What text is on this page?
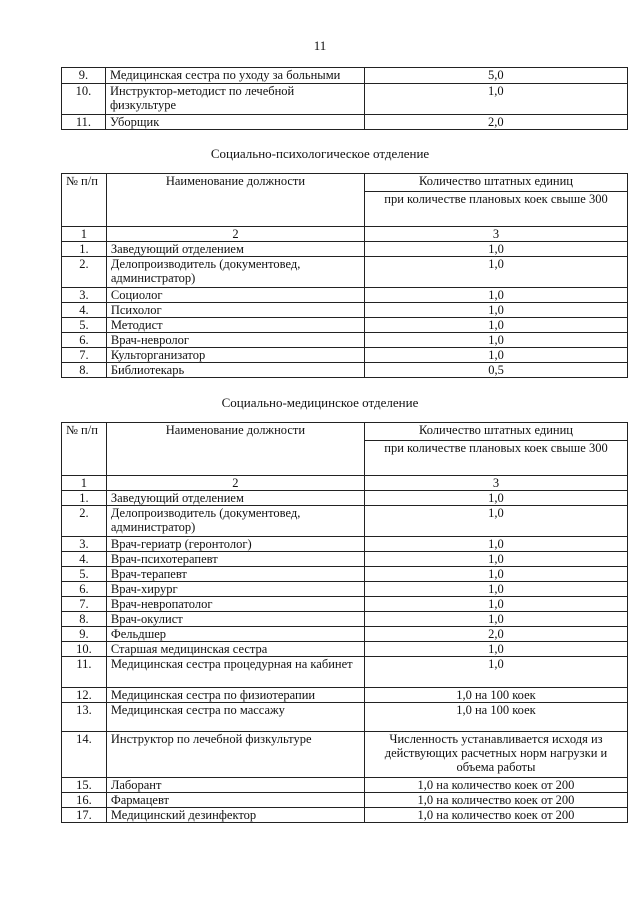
11
9.	Медицинская сестра по уходу за больными	5,0
10.	Инструктор-методист по лечебной физкультуре	1,0
11.	Уборщик	2,0
Социально-психологическое отделение
№ п/п	Наименование должности	Количество штатных единиц
		при количестве плановых коек свыше 300
1	2	3
1.	Заведующий отделением	1,0
2.	Делопроизводитель (документовед, администратор)	1,0
3.	Социолог	1,0
4.	Психолог	1,0
5.	Методист	1,0
6.	Врач-невролог	1,0
7.	Культорганизатор	1,0
8.	Библиотекарь	0,5
Социально-медицинское отделение
№ п/п	Наименование должности	Количество штатных единиц
		при количестве плановых коек свыше 300
1	2	3
1.	Заведующий отделением	1,0
2.	Делопроизводитель (документовед, администратор)	1,0
3.	Врач-гериатр (геронтолог)	1,0
4.	Врач-психотерапевт	1,0
5.	Врач-терапевт	1,0
6.	Врач-хирург	1,0
7.	Врач-невропатолог	1,0
8.	Врач-окулист	1,0
9.	Фельдшер	2,0
10.	Старшая медицинская сестра	1,0
11.	Медицинская сестра процедурная на кабинет	1,0
12.	Медицинская сестра по физиотерапии	1,0 на 100 коек
13.	Медицинская сестра по массажу	1,0 на 100 коек
14.	Инструктор по лечебной физкультуре	Численность устанавливается исходя из действующих расчетных норм нагрузки и объема работы
15.	Лаборант	1,0 на количество коек от 200
16.	Фармацевт	1,0 на количество коек от 200
17.	Медицинский дезинфектор	1,0 на количество коек от 200
